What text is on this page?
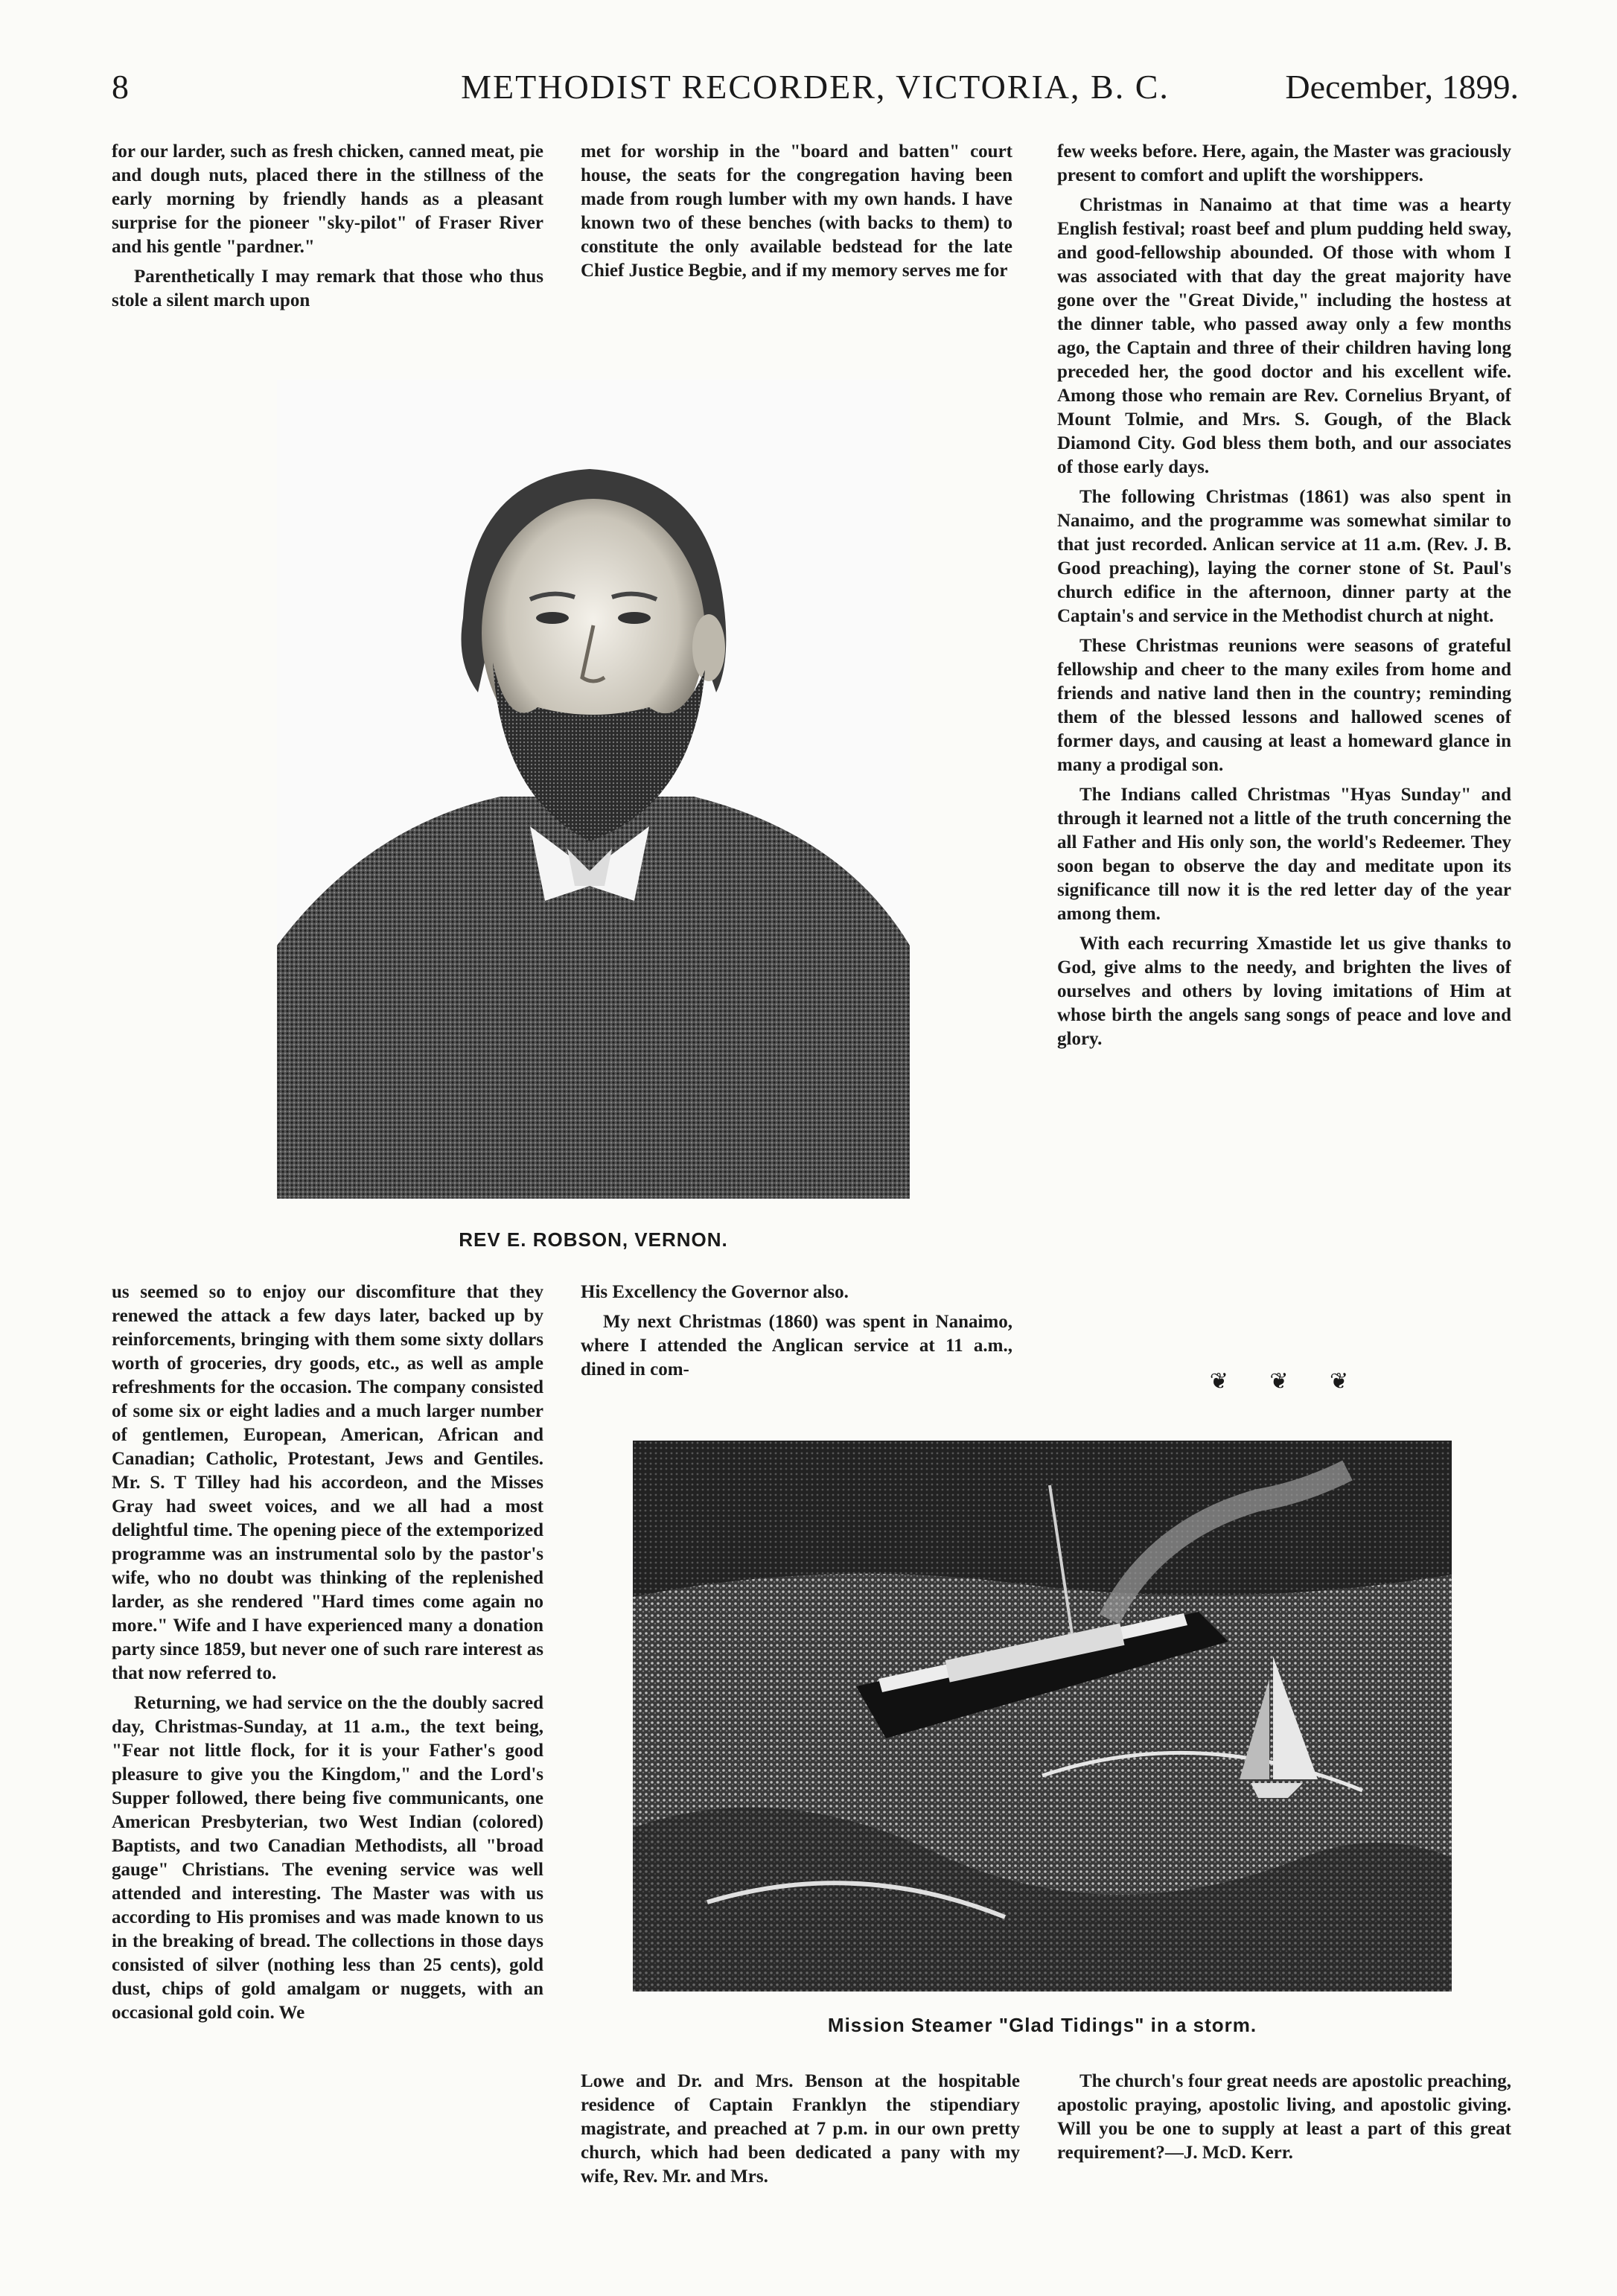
8	METHODIST RECORDER, VICTORIA, B. C.	December, 1899.

for our larder, such as fresh chicken, canned meat, pie and dough nuts, placed there in the stillness of the early morning by friendly hands as a pleasant surprise for the pioneer "sky-pilot" of Fraser River and his gentle "pardner."

Parenthetically I may remark that those who thus stole a silent march upon

met for worship in the "board and batten" court house, the seats for the congregation having been made from rough lumber with my own hands. I have known two of these benches (with backs to them) to constitute the only available bedstead for the late Chief Justice Begbie, and if my memory serves me for

few weeks before. Here, again, the Master was graciously present to comfort and uplift the worshippers.

Christmas in Nanaimo at that time was a hearty English festival; roast beef and plum pudding held sway, and good-fellowship abounded. Of those with whom I was associated with that day the great majority have gone over the "Great Divide," including the hostess at the dinner table, who passed away only a few months ago, the Captain and three of their children having long preceded her, the good doctor and his excellent wife. Among those who remain are Rev. Cornelius Bryant, of Mount Tolmie, and Mrs. S. Gough, of the Black Diamond City. God bless them both, and our associates of those early days.

The following Christmas (1861) was also spent in Nanaimo, and the programme was somewhat similar to that just recorded. Anlican service at 11 a.m. (Rev. J. B. Good preaching), laying the corner stone of St. Paul's church edifice in the afternoon, dinner party at the Captain's and service in the Methodist church at night.

These Christmas reunions were seasons of grateful fellowship and cheer to the many exiles from home and friends and native land then in the country; reminding them of the blessed lessons and hallowed scenes of former days, and causing at least a homeward glance in many a prodigal son.

The Indians called Christmas "Hyas Sunday" and through it learned not a little of the truth concerning the all Father and His only son, the world's Redeemer. They soon began to observe the day and meditate upon its significance till now it is the red letter day of the year among them.

With each recurring Xmastide let us give thanks to God, give alms to the needy, and brighten the lives of ourselves and others by loving imitations of Him at whose birth the angels sang songs of peace and love and glory.

❦ ❦ ❦
REV E. ROBSON, VERNON.

us seemed so to enjoy our discomfiture that they renewed the attack a few days later, backed up by reinforcements, bringing with them some sixty dollars worth of groceries, dry goods, etc., as well as ample refreshments for the occasion. The company consisted of some six or eight ladies and a much larger number of gentlemen, European, American, African and Canadian; Catholic, Protestant, Jews and Gentiles. Mr. S. T Tilley had his accordeon, and the Misses Gray had sweet voices, and we all had a most delightful time. The opening piece of the extemporized programme was an instrumental solo by the pastor's wife, who no doubt was thinking of the replenished larder, as she rendered "Hard times come again no more." Wife and I have experienced many a donation party since 1859, but never one of such rare interest as that now referred to.

Returning, we had service on the the doubly sacred day, Christmas-Sunday, at 11 a.m., the text being, "Fear not little flock, for it is your Father's good pleasure to give you the Kingdom," and the Lord's Supper followed, there being five communicants, one American Presbyterian, two West Indian (colored) Baptists, and two Canadian Methodists, all "broad gauge" Christians. The evening service was well attended and interesting. The Master was with us according to His promises and was made known to us in the breaking of bread. The collections in those days consisted of silver (nothing less than 25 cents), gold dust, chips of gold amalgam or nuggets, with an occasional gold coin. We

His Excellency the Governor also.

My next Christmas (1860) was spent in Nanaimo, where I attended the Anglican service at 11 a.m., dined in com-

Mission Steamer "Glad Tidings" in a storm.

Lowe and Dr. and Mrs. Benson at the hospitable residence of Captain Franklyn the stipendiary magistrate, and preached at 7 p.m. in our own pretty church, which had been dedicated a pany with my wife, Rev. Mr. and Mrs.

The church's four great needs are apostolic preaching, apostolic praying, apostolic living, and apostolic giving. Will you be one to supply at least a part of this great requirement?—J. McD. Kerr.
